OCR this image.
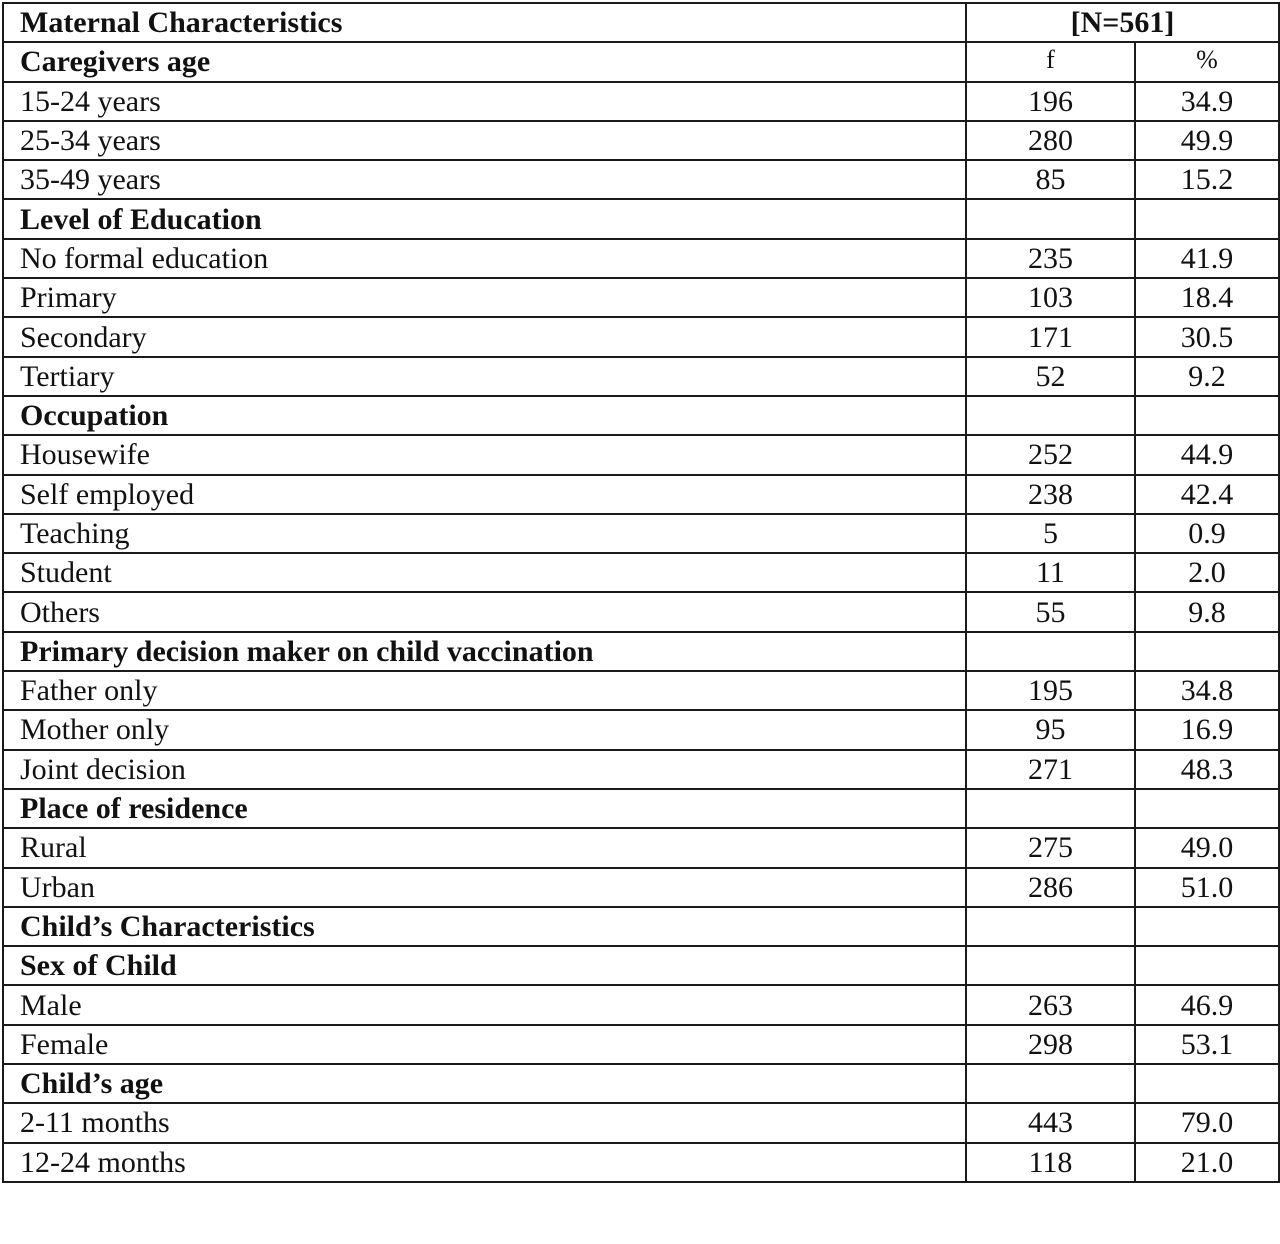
Maternal Characteristics	[N=561]	
Caregivers age	f	%
15-24 years	196	34.9
25-34 years	280	49.9
35-49 years	85	15.2
Level of Education		
No formal education	235	41.9
Primary	103	18.4
Secondary	171	30.5
Tertiary	52	9.2
Occupation		
Housewife	252	44.9
Self employed	238	42.4
Teaching	5	0.9
Student	11	2.0
Others	55	9.8
Primary decision maker on child vaccination		
Father only	195	34.8
Mother only	95	16.9
Joint decision	271	48.3
Place of residence		
Rural	275	49.0
Urban	286	51.0
Child’s Characteristics		
Sex of Child		
Male	263	46.9
Female	298	53.1
Child’s age		
2-11 months	443	79.0
12-24 months	118	21.0
